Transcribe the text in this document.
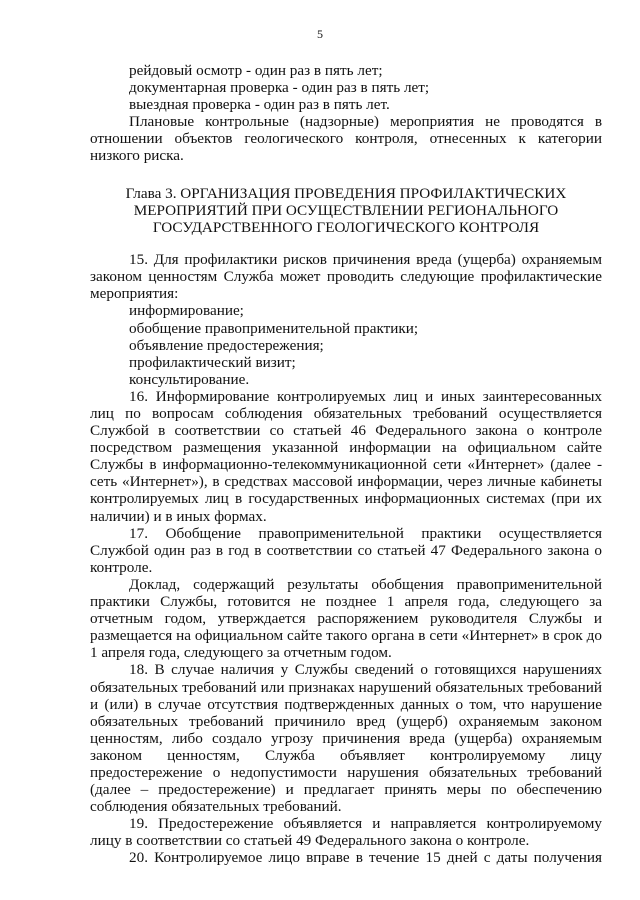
5

рейдовый осмотр - один раз в пять лет;

документарная проверка - один раз в пять лет;

выездная проверка - один раз в пять лет.

Плановые контрольные (надзорные) мероприятия не проводятся в

отношении объектов геологического контроля, отнесенных к категории низкого риска.

Глава 3. ОРГАНИЗАЦИЯ ПРОВЕДЕНИЯ ПРОФИЛАКТИЧЕСКИХ
МЕРОПРИЯТИЙ ПРИ ОСУЩЕСТВЛЕНИИ РЕГИОНАЛЬНОГО
ГОСУДАРСТВЕННОГО ГЕОЛОГИЧЕСКОГО КОНТРОЛЯ

15. Для профилактики рисков причинения вреда (ущерба) охраняемым законом ценностям Служба может проводить следующие профилактические мероприятия:

информирование;

обобщение правоприменительной практики;

объявление предостережения;

профилактический визит;

консультирование.

16. Информирование контролируемых лиц и иных заинтересованных лиц по вопросам соблюдения обязательных требований осуществляется Службой в соответствии со статьей 46 Федерального закона о контроле посредством размещения указанной информации на официальном сайте Службы в информационно-телекоммуникационной сети «Интернет» (далее - сеть «Интернет»), в средствах массовой информации, через личные кабинеты контролируемых лиц в государственных информационных системах (при их наличии) и в иных формах.

17. Обобщение правоприменительной практики осуществляется Службой один раз в год в соответствии со статьей 47 Федерального закона о контроле.

Доклад, содержащий результаты обобщения правоприменительной практики Службы, готовится не позднее 1 апреля года, следующего за отчетным годом, утверждается распоряжением руководителя Службы и размещается на официальном сайте такого органа в сети «Интернет» в срок до 1 апреля года, следующего за отчетным годом.

18. В случае наличия у Службы сведений о готовящихся нарушениях обязательных требований или признаках нарушений обязательных требований и (или) в случае отсутствия подтвержденных данных о том, что нарушение обязательных требований причинило вред (ущерб) охраняемым законом ценностям, либо создало угрозу причинения вреда (ущерба) охраняемым законом ценностям, Служба объявляет контролируемому лицу предостережение о недопустимости нарушения обязательных требований (далее – предостережение) и предлагает принять меры по обеспечению соблюдения обязательных требований.

19. Предостережение объявляется и направляется контролируемому лицу в соответствии со статьей 49 Федерального закона о контроле.

20. Контролируемое лицо вправе в течение 15 дней с даты получения
